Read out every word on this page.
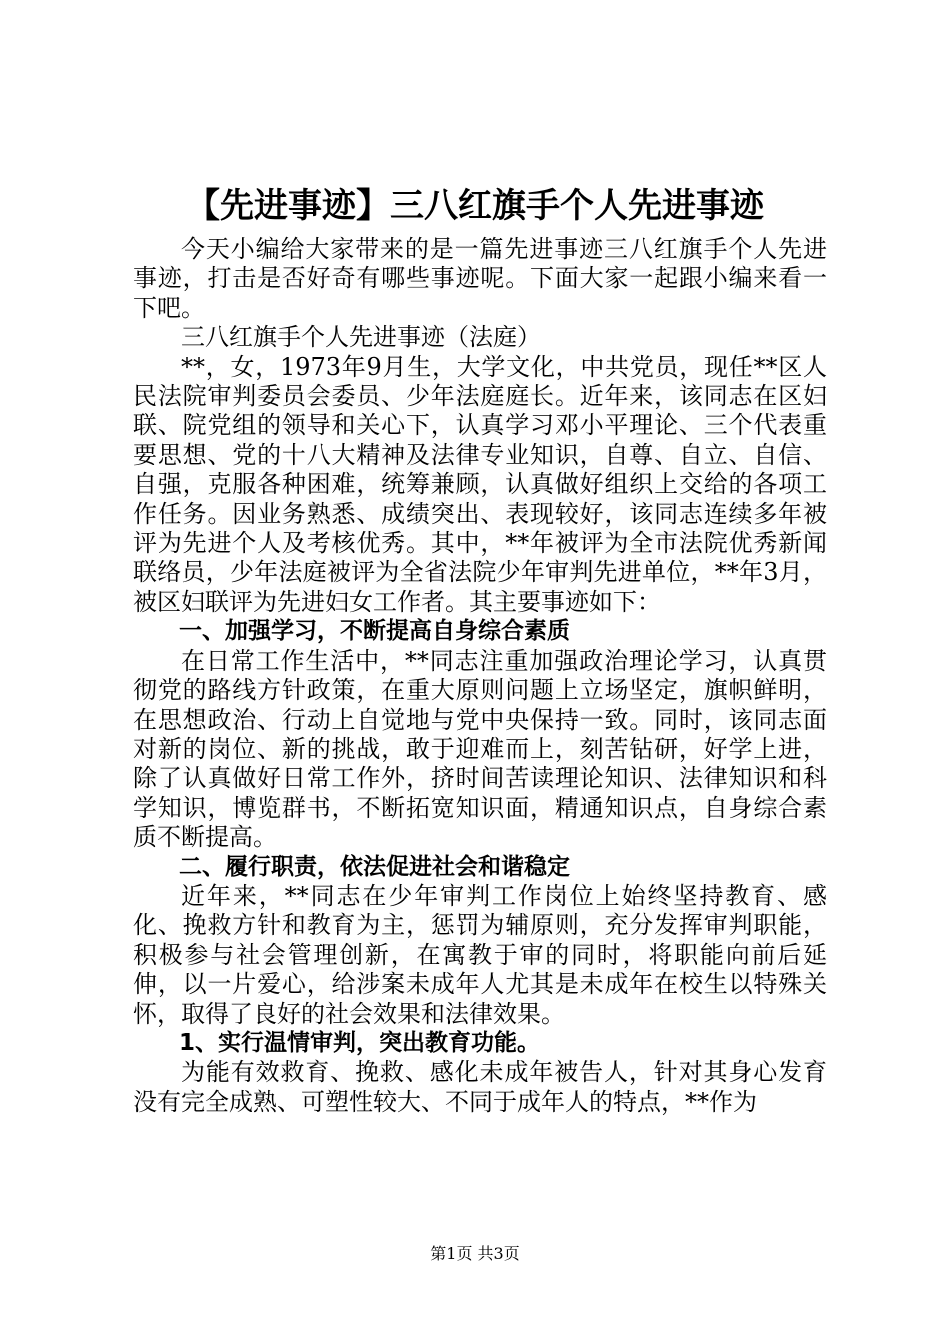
【先进事迹】三八红旗手个人先进事迹

今天小编给大家带来的是一篇先进事迹三八红旗手个人先进事迹，打击是否好奇有哪些事迹呢。下面大家一起跟小编来看一下吧。

三八红旗手个人先进事迹（法庭）

**，女，1973年9月生，大学文化，中共党员，现任**区人民法院审判委员会委员、少年法庭庭长。近年来，该同志在区妇联、院党组的领导和关心下，认真学习邓小平理论、三个代表重要思想、党的十八大精神及法律专业知识，自尊、自立、自信、自强，克服各种困难，统筹兼顾，认真做好组织上交给的各项工作任务。因业务熟悉、成绩突出、表现较好，该同志连续多年被评为先进个人及考核优秀。其中，**年被评为全市法院优秀新闻联络员，少年法庭被评为全省法院少年审判先进单位，**年3月，被区妇联评为先进妇女工作者。其主要事迹如下：

一、加强学习，不断提高自身综合素质

在日常工作生活中，**同志注重加强政治理论学习，认真贯彻党的路线方针政策，在重大原则问题上立场坚定，旗帜鲜明，在思想政治、行动上自觉地与党中央保持一致。同时，该同志面对新的岗位、新的挑战，敢于迎难而上，刻苦钻研，好学上进，除了认真做好日常工作外，挤时间苦读理论知识、法律知识和科学知识，博览群书，不断拓宽知识面，精通知识点，自身综合素质不断提高。

二、履行职责，依法促进社会和谐稳定

近年来，**同志在少年审判工作岗位上始终坚持教育、感化、挽救方针和教育为主，惩罚为辅原则，充分发挥审判职能，积极参与社会管理创新，在寓教于审的同时，将职能向前后延伸，以一片爱心，给涉案未成年人尤其是未成年在校生以特殊关怀，取得了良好的社会效果和法律效果。

1、实行温情审判，突出教育功能。

为能有效救育、挽救、感化未成年被告人，针对其身心发育没有完全成熟、可塑性较大、不同于成年人的特点，**作为

第1页 共3页
